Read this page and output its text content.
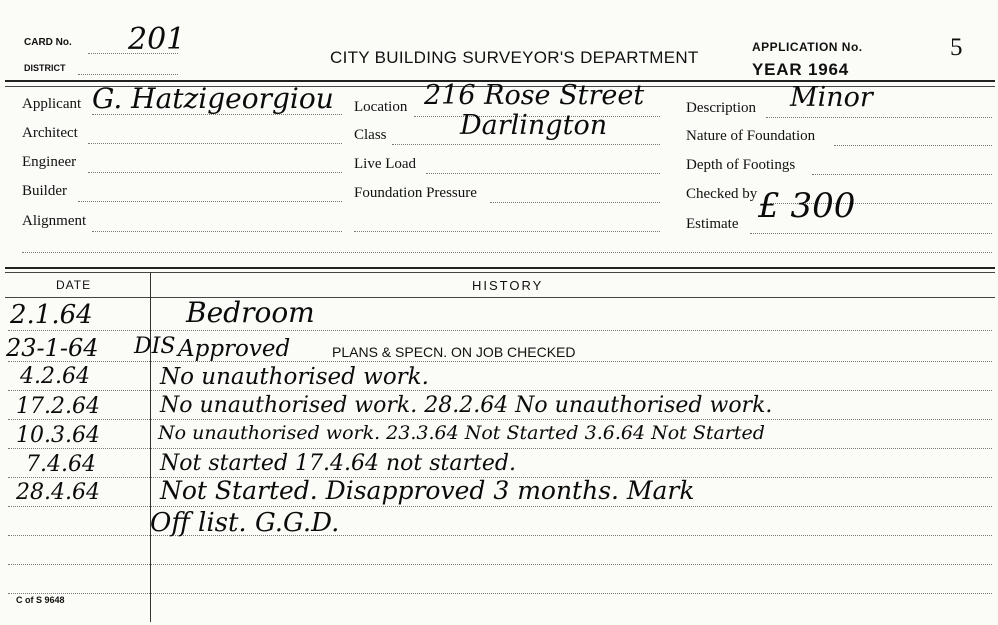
CARD No. 201
DISTRICT
CITY BUILDING SURVEYOR'S DEPARTMENT
APPLICATION No.	5
YEAR 1964
Applicant G. Hatzigeorgiou
Architect
Engineer
Builder
Alignment
Location 216 Rose Street
Class	Darlington
Live Load
Foundation Pressure
Description Minor
Nature of Foundation
Depth of Footings
Checked by
Estimate £ 300
DATE	HISTORY
2.1.64	Bedroom
23-1-64 DIS Approved	PLANS & SPECN. ON JOB CHECKED
4.2.64	No unauthorised work.
17.2.64	No unauthorised work. 28.2.64 No unauthorised work.
10.3.64	No unauthorised work. 23.3.64 Not Started 3.6.64 Not Started
7.4.64	Not started 17.4.64 not started.
28.4.64 Not Started. Disapproved 3 months. Mark
Off list. G.G.D.
C of S 9648
